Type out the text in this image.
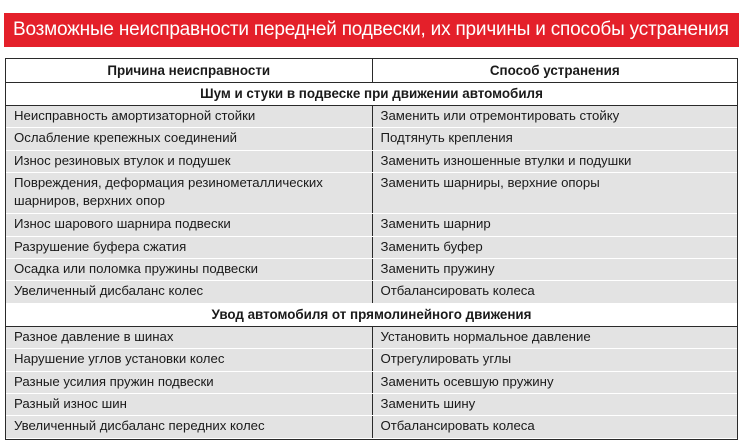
Возможные неисправности передней подвески, их причины и способы устранения
Причина неисправности	Способ устранения
Шум и стуки в подвеске при движении автомобиля	
Неисправность амортизаторной стойки	Заменить или отремонтировать стойку
Ослабление крепежных соединений	Подтянуть крепления
Износ резиновых втулок и подушек	Заменить изношенные втулки и подушки
Повреждения, деформация резинометаллических шарниров, верхних опор	Заменить шарниры, верхние опоры
Износ шарового шарнира подвески	Заменить шарнир
Разрушение буфера сжатия	Заменить буфер
Осадка или поломка пружины подвески	Заменить пружину
Увеличенный дисбаланс колес	Отбалансировать колеса
Увод автомобиля от прямолинейного движения	
Разное давление в шинах	Установить нормальное давление
Нарушение углов установки колес	Отрегулировать углы
Разные усилия пружин подвески	Заменить осевшую пружину
Разный износ шин	Заменить шину
Увеличенный дисбаланс передних колес	Отбалансировать колеса
